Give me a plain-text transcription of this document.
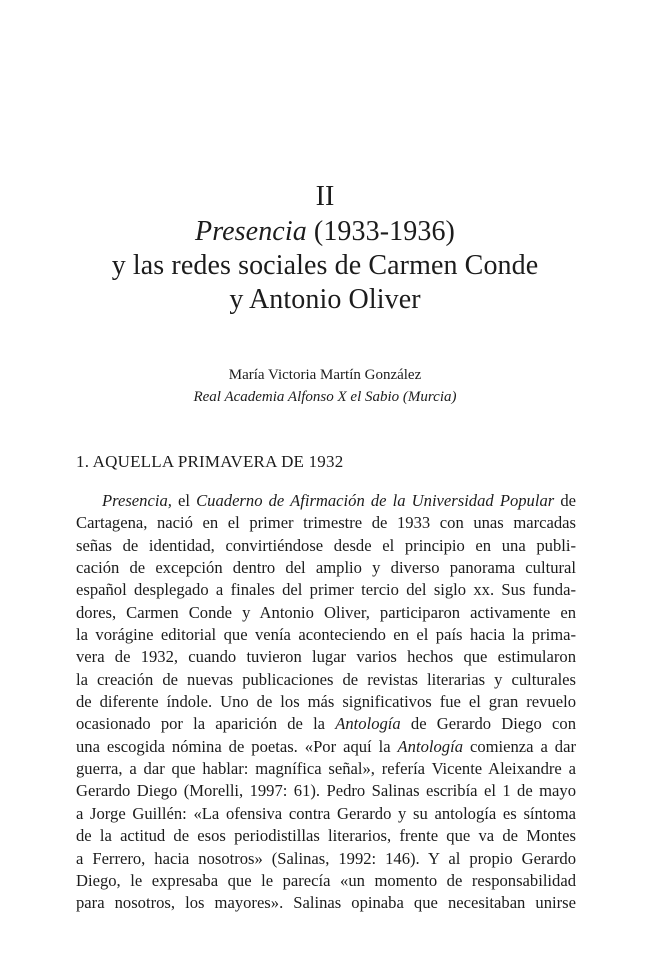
II
Presencia (1933-1936)
y las redes sociales de Carmen Conde
y Antonio Oliver
María Victoria Martín González
Real Academia Alfonso X el Sabio (Murcia)
1. AQUELLA PRIMAVERA DE 1932
Presencia, el Cuaderno de Afirmación de la Universidad Popular de
Cartagena, nació en el primer trimestre de 1933 con unas marcadas
señas de identidad, convirtiéndose desde el principio en una publi-
cación de excepción dentro del amplio y diverso panorama cultural
español desplegado a finales del primer tercio del siglo xx. Sus funda-
dores, Carmen Conde y Antonio Oliver, participaron activamente en
la vorágine editorial que venía aconteciendo en el país hacia la prima-
vera de 1932, cuando tuvieron lugar varios hechos que estimularon
la creación de nuevas publicaciones de revistas literarias y culturales
de diferente índole. Uno de los más significativos fue el gran revuelo
ocasionado por la aparición de la Antología de Gerardo Diego con
una escogida nómina de poetas. «Por aquí la Antología comienza a dar
guerra, a dar que hablar: magnífica señal», refería Vicente Aleixandre a
Gerardo Diego (Morelli, 1997: 61). Pedro Salinas escribía el 1 de mayo
a Jorge Guillén: «La ofensiva contra Gerardo y su antología es síntoma
de la actitud de esos periodistillas literarios, frente que va de Montes
a Ferrero, hacia nosotros» (Salinas, 1992: 146). Y al propio Gerardo
Diego, le expresaba que le parecía «un momento de responsabilidad
para nosotros, los mayores». Salinas opinaba que necesitaban unirse
